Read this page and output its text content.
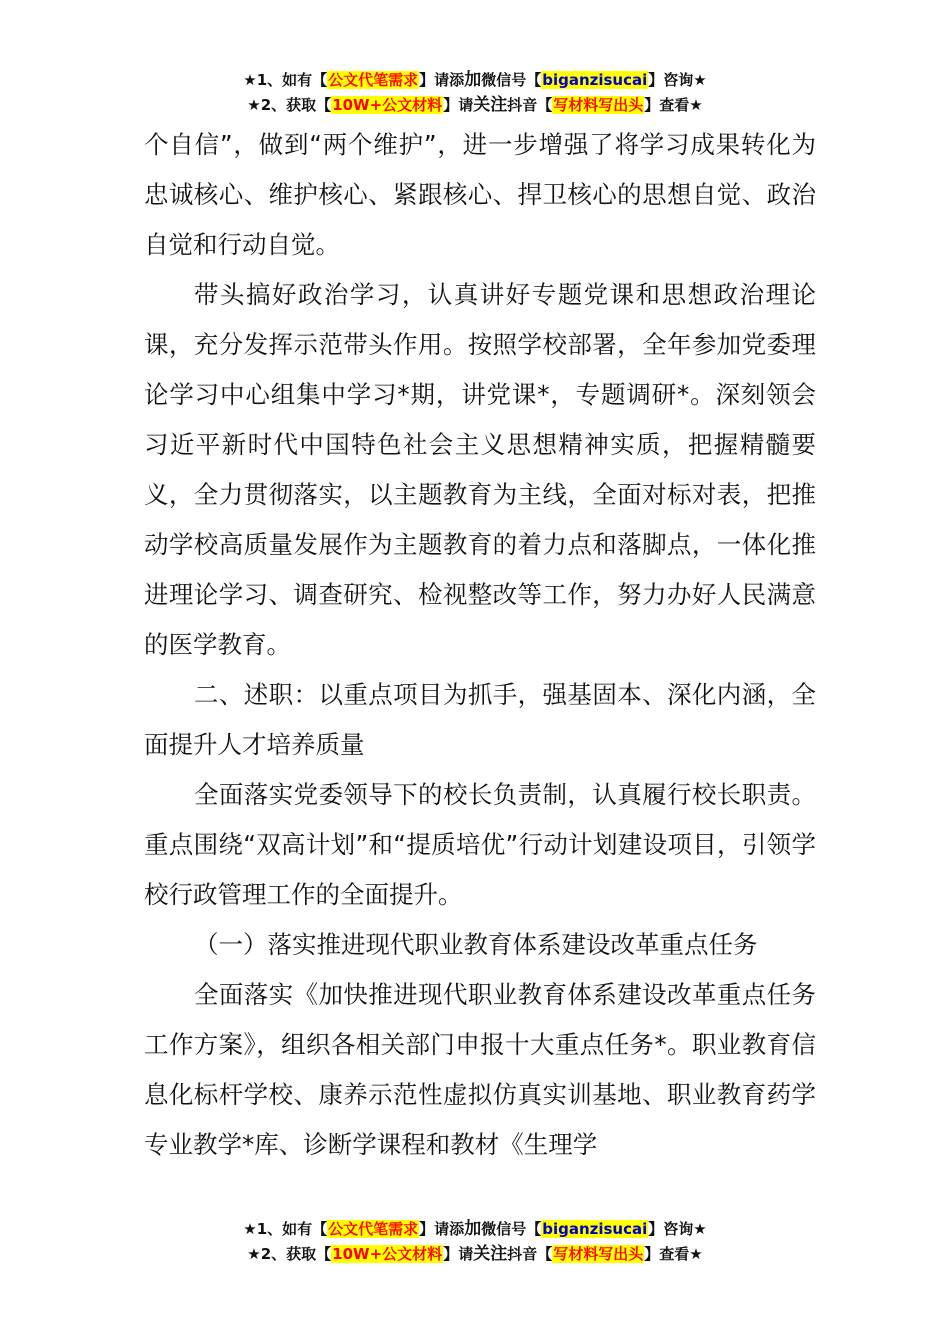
★1、如有【公文代笔需求】请添加微信号【biganzisucai】咨询★
★2、获取【10W+公文材料】请关注抖音【写材料写出头】查看★

个自信”，做到“两个维护”，进一步增强了将学习成果转化为忠诚核心、维护核心、紧跟核心、捍卫核心的思想自觉、政治自觉和行动自觉。

带头搞好政治学习，认真讲好专题党课和思想政治理论课，充分发挥示范带头作用。按照学校部署，全年参加党委理论学习中心组集中学习*期，讲党课*，专题调研*。深刻领会习近平新时代中国特色社会主义思想精神实质，把握精髓要义，全力贯彻落实，以主题教育为主线，全面对标对表，把推动学校高质量发展作为主题教育的着力点和落脚点，一体化推进理论学习、调查研究、检视整改等工作，努力办好人民满意的医学教育。

二、述职：以重点项目为抓手，强基固本、深化内涵，全面提升人才培养质量

全面落实党委领导下的校长负责制，认真履行校长职责。重点围绕“双高计划”和“提质培优”行动计划建设项目，引领学校行政管理工作的全面提升。

（一）落实推进现代职业教育体系建设改革重点任务

全面落实《加快推进现代职业教育体系建设改革重点任务工作方案》，组织各相关部门申报十大重点任务*。职业教育信息化标杆学校、康养示范性虚拟仿真实训基地、职业教育药学专业教学*库、诊断学课程和教材《生理学

★1、如有【公文代笔需求】请添加微信号【biganzisucai】咨询★
★2、获取【10W+公文材料】请关注抖音【写材料写出头】查看★
